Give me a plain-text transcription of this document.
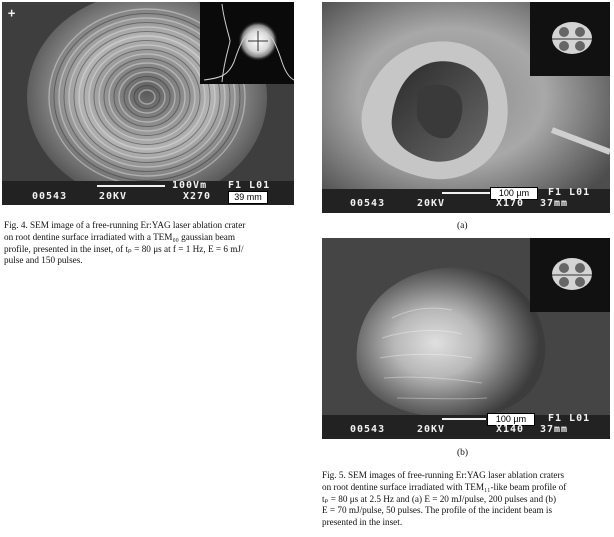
+
100Vm F1 L01
00543	20KV	X270	39 mm
Fig. 4. SEM image of a free-running Er:YAG laser ablation crater
on root dentine surface irradiated with a TEM₀₀ gaussian beam
profile, presented in the inset, of tₚ = 80 μs at f = 1 Hz, E = 6 mJ/
pulse and 150 pulses.
100 µm	F1 L01
00543	20KV	X170 37mm
(a)
100 µm	F1 L01
00543	20KV	X140 37mm
(b)
Fig. 5. SEM images of free-running Er:YAG laser ablation craters
on root dentine surface irradiated with TEM₁₁-like beam profile of
tₚ = 80 μs at 2.5 Hz and (a) E = 20 mJ/pulse, 200 pulses and (b)
E = 70 mJ/pulse, 50 pulses. The profile of the incident beam is
presented in the inset.
